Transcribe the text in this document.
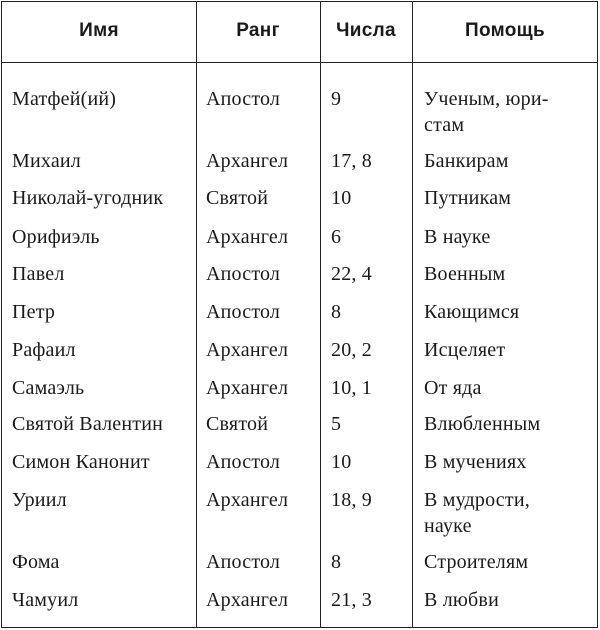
Имя	Ранг	Числа	Помощь
Матфей(ий)	Апостол	9	Ученым, юри-
стам
Михаил	Архангел	17, 8	Банкирам
Николай-угодник	Святой	10	Путникам
Орифиэль	Архангел	6	В науке
Павел	Апостол	22, 4	Военным
Петр	Апостол	8	Кающимся
Рафаил	Архангел	20, 2	Исцеляет
Самаэль	Архангел	10, 1	От яда
Святой Валентин	Святой	5	Влюбленным
Симон Канонит	Апостол	10	В мучениях
Уриил	Архангел	18, 9	В мудрости,
науке
Фома	Апостол	8	Строителям
Чамуил	Архангел	21, 3	В любви
